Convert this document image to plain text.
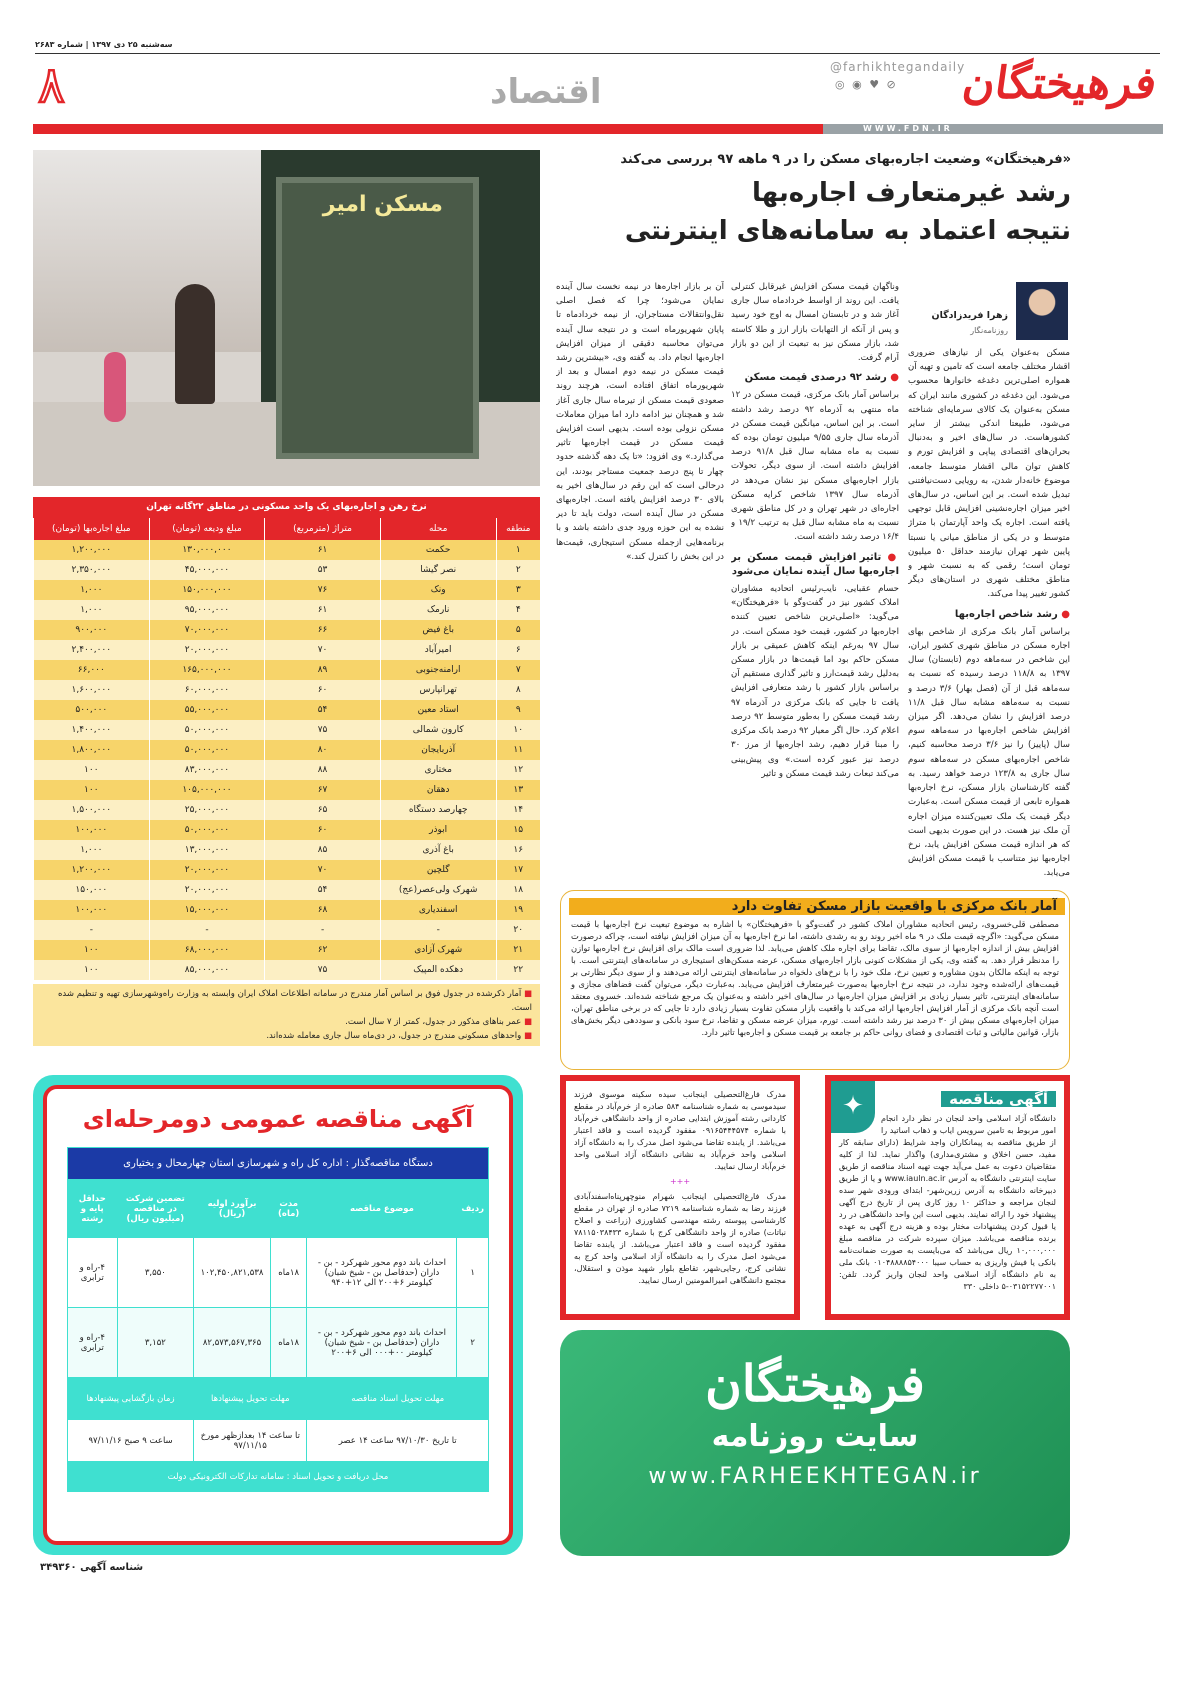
سه‌شنبه ۲۵ دی ۱۳۹۷ | شماره ۲۶۸۳
فرهیختگان
@farhikhtegandaily
◎ ◉ ♥ ⊘
اقتصاد
۸
WWW.FDN.IR
«فرهیختگان» وضعیت اجاره‌بهای مسکن را در ۹ ماهه ۹۷ بررسی می‌کند
رشد غیرمتعارف اجاره‌بها
نتیجه اعتماد به سامانه‌های اینترنتی
مسکن امیر
زهرا فریدزادگان
روزنامه‌نگار

مسکن به‌عنوان یکی از نیازهای ضروری اقشار مختلف جامعه است که تامین و تهیه آن همواره اصلی‌ترین دغدغه خانوارها محسوب می‌شود. این دغدغه در کشوری مانند ایران که مسکن به‌عنوان یک کالای سرمایه‌ای شناخته می‌شود، طبیعتا اندکی بیشتر از سایر کشورهاست. در سال‌های اخیر و به‌دنبال بحران‌های اقتصادی پیاپی و افزایش تورم و کاهش توان مالی اقشار متوسط جامعه، موضوع خانه‌دار شدن، به رویایی دست‌نیافتنی تبدیل شده است. بر این اساس، در سال‌های اخیر میزان اجاره‌نشینی افزایش قابل توجهی یافته است. اجاره یک واحد آپارتمان با متراژ متوسط و در یکی از مناطق میانی یا نسبتا پایین شهر تهران نیازمند حداقل ۵۰ میلیون تومان است؛ رقمی که به نسبت شهر و مناطق مختلف شهری در استان‌های دیگر کشور تغییر پیدا می‌کند.

● رشد شاخص اجاره‌بها

براساس آمار بانک مرکزی از شاخص بهای اجاره مسکن در مناطق شهری کشور ایران، این شاخص در سه‌ماهه دوم (تابستان) سال ۱۳۹۷ به ۱۱۸/۸ درصد رسیده که نسبت به سه‌ماهه قبل از آن (فصل بهار) ۳/۶ درصد و نسبت به سه‌ماهه مشابه سال قبل ۱۱/۸ درصد افزایش را نشان می‌دهد. اگر میزان افزایش شاخص اجاره‌بها در سه‌ماهه سوم سال (پاییز) را نیز ۳/۶ درصد محاسبه کنیم، شاخص اجاره‌بهای مسکن در سه‌ماهه سوم سال جاری به ۱۲۳/۸ درصد خواهد رسید. به گفته کارشناسان بازار مسکن، نرخ اجاره‌بها همواره تابعی از قیمت مسکن است. به‌عبارت دیگر قیمت یک ملک تعیین‌کننده میزان اجاره آن ملک نیز هست. در این صورت بدیهی است که هر اندازه قیمت مسکن افزایش یابد، نرخ اجاره‌بها نیز متناسب با قیمت مسکن افزایش می‌یابد.

وناگهان قیمت مسکن افزایش غیرقابل کنترلی یافت. این روند از اواسط خردادماه سال جاری آغاز شد و در تابستان امسال به اوج خود رسید و پس از آنکه از التهابات بازار ارز و طلا کاسته شد، بازار مسکن نیز به تبعیت از این دو بازار آرام گرفت.

● رشد ۹۲ درصدی قیمت مسکن

براساس آمار بانک مرکزی، قیمت مسکن در ۱۲ ماه منتهی به آذرماه ۹۲ درصد رشد داشته است. بر این اساس، میانگین قیمت مسکن در آذرماه سال جاری ۹/۵۵ میلیون تومان بوده که نسبت به ماه مشابه سال قبل ۹۱/۸ درصد افزایش داشته است. از سوی دیگر، تحولات بازار اجاره‌بهای مسکن نیز نشان می‌دهد در آذرماه سال ۱۳۹۷ شاخص کرایه مسکن اجاره‌ای در شهر تهران و در کل مناطق شهری نسبت به ماه مشابه سال قبل به ترتیب ۱۹/۲ و ۱۶/۴ درصد رشد داشته است.

● تاثیر افزایش قیمت مسکن بر اجاره‌بها سال آینده نمایان می‌شود

حسام عقبایی، نایب‌رئیس اتحادیه مشاوران املاک کشور نیز در گفت‌وگو با «فرهیختگان» می‌گوید: «اصلی‌ترین شاخص تعیین کننده اجاره‌بها در کشور، قیمت خود مسکن است. در سال ۹۷ به‌رغم اینکه کاهش عمیقی بر بازار مسکن حاکم بود اما قیمت‌ها در بازار مسکن به‌دلیل رشد قیمت‌ارز و تاثیر گذاری مستقیم آن براساس بازار کشور با رشد متعارفی افزایش یافت تا جایی که بانک مرکزی در آذرماه ۹۷ رشد قیمت مسکن را به‌طور متوسط ۹۲ درصد اعلام کرد. حال اگر معیار ۹۲ درصد بانک مرکزی را مبنا قرار دهیم، رشد اجاره‌بها از مرز ۳۰ درصد نیز عبور کرده است.» وی پیش‌بینی می‌کند تبعات رشد قیمت مسکن و تاثیر

آن بر بازار اجاره‌ها در نیمه نخست سال آینده نمایان می‌شود؛ چرا که فصل اصلی نقل‌وانتقالات مستاجران، از نیمه خردادماه تا پایان شهریورماه است و در نتیجه سال آینده می‌توان محاسبه دقیقی از میزان افزایش اجاره‌بها انجام داد. به گفته وی، «بیشترین رشد قیمت مسکن در نیمه دوم امسال و بعد از شهریورماه اتفاق افتاده است، هرچند روند صعودی قیمت مسکن از تیرماه سال جاری آغاز شد و همچنان نیز ادامه دارد اما میزان معاملات مسکن نزولی بوده است. بدیهی است افزایش قیمت مسکن در قیمت اجاره‌بها تاثیر می‌گذارد.» وی افزود: «تا یک دهه گذشته حدود چهار تا پنج درصد جمعیت مستاجر بودند، این درحالی است که این رقم در سال‌های اخیر به بالای ۳۰ درصد افزایش یافته است. اجاره‌بهای مسکن در سال آینده است، دولت باید تا دیر نشده به این حوزه ورود جدی داشته باشد و با برنامه‌هایی ازجمله مسکن استیجاری، قیمت‌ها در این بخش را کنترل کند.»

نرخ رهن و اجاره‌بهای یک واحد مسکونی در مناطق ۲۲گانه تهران
منطقه	محله	متراژ (مترمربع)	مبلغ ودیعه (تومان)	مبلغ اجاره‌بها (تومان)
۱	حکمت	۶۱	۱۳۰,۰۰۰,۰۰۰	۱,۲۰۰,۰۰۰
۲	نصر گیشا	۵۳	۴۵,۰۰۰,۰۰۰	۲,۳۵۰,۰۰۰
۳	ونک	۷۶	۱۵۰,۰۰۰,۰۰۰	۱,۰۰۰
۴	نارمک	۶۱	۹۵,۰۰۰,۰۰۰	۱,۰۰۰
۵	باغ فیض	۶۶	۷۰,۰۰۰,۰۰۰	۹۰۰,۰۰۰
۶	امیرآباد	۷۰	۲۰,۰۰۰,۰۰۰	۲,۴۰۰,۰۰۰
۷	ارامنه‌جنوبی	۸۹	۱۶۵,۰۰۰,۰۰۰	۶۶,۰۰۰
۸	تهرانپارس	۶۰	۶۰,۰۰۰,۰۰۰	۱,۶۰۰,۰۰۰
۹	استاد معین	۵۴	۵۵,۰۰۰,۰۰۰	۵۰۰,۰۰۰
۱۰	کارون شمالی	۷۵	۵۰,۰۰۰,۰۰۰	۱,۴۰۰,۰۰۰
۱۱	آذربایجان	۸۰	۵۰,۰۰۰,۰۰۰	۱,۸۰۰,۰۰۰
۱۲	مختاری	۸۸	۸۳,۰۰۰,۰۰۰	۱۰۰
۱۳	دهقان	۶۷	۱۰۵,۰۰۰,۰۰۰	۱۰۰
۱۴	چهارصد دستگاه	۶۵	۲۵,۰۰۰,۰۰۰	۱,۵۰۰,۰۰۰
۱۵	ابوذر	۶۰	۵۰,۰۰۰,۰۰۰	۱۰۰,۰۰۰
۱۶	باغ آذری	۸۵	۱۳,۰۰۰,۰۰۰	۱,۰۰۰
۱۷	گلچین	۷۰	۲۰,۰۰۰,۰۰۰	۱,۲۰۰,۰۰۰
۱۸	شهرک ولی‌عصر(عج)	۵۴	۲۰,۰۰۰,۰۰۰	۱۵۰,۰۰۰
۱۹	اسفندیاری	۶۸	۱۵,۰۰۰,۰۰۰	۱۰۰,۰۰۰
۲۰	-	-	-	-
۲۱	شهرک آزادی	۶۲	۶۸,۰۰۰,۰۰۰	۱۰۰
۲۲	دهکده المپیک	۷۵	۸۵,۰۰۰,۰۰۰	۱۰۰
■ آمار ذکرشده در جدول فوق بر اساس آمار مندرج در سامانه اطلاعات املاک ایران وابسته به وزارت راه‌وشهرسازی تهیه و تنظیم شده است.
■ عمر بناهای مذکور در جدول، کمتر از ۷ سال است.
■ واحدهای مسکونی مندرج در جدول، در دی‌ماه سال جاری معامله شده‌اند.
آمار بانک مرکزی با واقعیت بازار مسکن تفاوت دارد

مصطفی قلی‌خسروی، رئیس اتحادیه مشاوران املاک کشور در گفت‌وگو با «فرهیختگان» با اشاره به موضوع تبعیت نرخ اجاره‌بها با قیمت مسکن می‌گوید: «اگرچه قیمت ملک در ۹ ماه اخیر روند رو به رشدی داشته، اما نرخ اجاره‌بها به آن میزان افزایش نیافته است، چراکه درصورت افزایش بیش از اندازه اجاره‌بها از سوی مالک، تقاضا برای اجاره ملک کاهش می‌یابد. لذا ضروری است مالک برای افزایش نرخ اجاره‌بها توازن را مدنظر قرار دهد. به گفته وی، یکی از مشکلات کنونی بازار اجاره‌بهای مسکن، عرضه مسکن‌های استیجاری در سامانه‌های اینترنتی است. با توجه به اینکه مالکان بدون مشاوره و تعیین نرخ، ملک خود را با نرخ‌های دلخواه در سامانه‌های اینترنتی ارائه می‌دهند و از سوی دیگر نظارتی بر قیمت‌های ارائه‌شده وجود ندارد، در نتیجه نرخ اجاره‌بها به‌صورت غیرمتعارف افزایش می‌یابد. به‌عبارت دیگر، می‌توان گفت فضاهای مجازی و سامانه‌های اینترنتی، تاثیر بسیار زیادی بر افزایش میزان اجاره‌بها در سال‌های اخیر داشته و به‌عنوان یک مرجع شناخته شده‌اند. خسروی معتقد است آنچه بانک مرکزی از آمار افزایش اجاره‌بها ارائه می‌کند با واقعیت بازار مسکن تفاوت بسیار زیادی دارد تا جایی که در برخی مناطق تهران، میزان اجاره‌بهای مسکن بیش از ۳۰ درصد نیز رشد داشته است. تورم، میزان عرضه مسکن و تقاضا، نرخ سود بانکی و سوددهی دیگر بخش‌های بازار، قوانین مالیاتی و ثبات اقتصادی و فضای روانی حاکم بر جامعه بر قیمت مسکن و اجاره‌بها تاثیر دارد.

آگهی مناقصه عمومی دومرحله‌ای
دستگاه مناقصه‌گذار : اداره کل راه و شهرسازی استان چهارمحال و بختیاری					
ردیف	موضوع مناقصه	مدت (ماه)	برآورد اولیه (ریال)	تضمین شرکت در مناقصه (میلیون ریال)	حداقل پایه و رشته
۱	احداث باند دوم محور شهرکرد - بن - داران (حدفاصل بن - شیخ شبان) کیلومتر ۶+۲۰۰ الی ۱۲+۹۴۰	۱۸ماه	۱۰۲,۴۵۰,۸۲۱,۵۳۸	۳,۵۵۰	۴-راه و ترابری
۲	احداث باند دوم محور شهرکرد - بن - داران (حدفاصل بن - شیخ شبان) کیلومتر ۰۰+۰۰۰ الی ۶+۲۰۰	۱۸ماه	۸۲,۵۷۳,۵۶۷,۳۶۵	۳,۱۵۲	۴-راه و ترابری
مهلت تحویل اسناد مناقصه		مهلت تحویل پیشنهادها		زمان بازگشایی پیشنهادها	
تا تاریخ ۹۷/۱۰/۳۰ ساعت ۱۴ عصر		تا ساعت ۱۴ بعدازظهر مورخ ۹۷/۱۱/۱۵		ساعت ۹ صبح ۹۷/۱۱/۱۶	
محل دریافت و تحویل اسناد : سامانه تدارکات الکترونیکی دولت					
شناسه آگهی ۳۴۹۳۶۰

مدرک فارغ‌التحصیلی اینجانب سیده سکینه موسوی فرزند سیدموسی به شماره شناسنامه ۵۸۴ صادره از خرم‌آباد در مقطع کاردانی رشته آموزش ابتدایی صادره از واحد دانشگاهی خرم‌آباد با شماره ۰۹۱۶۵۴۴۴۵۷۴ مفقود گردیده است و فاقد اعتبار می‌باشد. از یابنده تقاضا می‌شود اصل مدرک را به دانشگاه آزاد اسلامی واحد خرم‌آباد به نشانی دانشگاه آزاد اسلامی واحد خرم‌آباد ارسال نمایید.

+++

مدرک فارغ‌التحصیلی اینجانب شهرام منوچهرپناه‌اسفندآبادی فرزند رضا به شماره شناسنامه ۷۲۱۹ صادره از تهران در مقطع کارشناسی پیوسته رشته مهندسی کشاورزی (زراعت و اصلاح نباتات) صادره از واحد دانشگاهی کرج با شماره ۷۸۱۱۵۰۳۸۴۳۳ مفقود گردیده است و فاقد اعتبار می‌باشد. از یابنده تقاضا می‌شود اصل مدرک را به دانشگاه آزاد اسلامی واحد کرج به نشانی کرج، رجایی‌شهر، تقاطع بلوار شهید موذن و استقلال، مجتمع دانشگاهی امیرالمومنین ارسال نمایید.

✦	آگهی مناقصه

دانشگاه آزاد اسلامی واحد لنجان در نظر دارد انجام امور مربوط به تامین سرویس ایاب و ذهاب اساتید را از طریق مناقصه به پیمانکاران واجد شرایط (دارای سابقه کار مفید، حسن اخلاق و مشتری‌مداری) واگذار نماید. لذا از کلیه متقاضیان دعوت به عمل می‌آید جهت تهیه اسناد مناقصه از طریق سایت اینترنتی دانشگاه به آدرس www.iauln.ac.ir و یا از طریق دبیرخانه دانشگاه به آدرس زرین‌شهر- ابتدای ورودی شهر سده لنجان مراجعه و حداکثر ۱۰ روز کاری پس از تاریخ درج آگهی پیشنهاد خود را ارائه نمایند. بدیهی است این واحد دانشگاهی در رد یا قبول کردن پیشنهادات مختار بوده و هزینه درج آگهی به عهده برنده مناقصه می‌باشد. میزان سپرده شرکت در مناقصه مبلغ ۱۰,۰۰۰,۰۰۰ ریال می‌باشد که می‌بایست به صورت ضمانت‌نامه بانکی یا فیش واریزی به حساب سیبا ۰۱۰۴۸۸۸۸۵۴۰۰۰ بانک ملی به نام دانشگاه آزاد اسلامی واحد لنجان واریز گردد. تلفن: ۰۳۱۵۲۲۷۷۰۰۱-۵ داخلی ۳۳۰

فرهیختگان
سایت روزنامه
www.FARHEEKHTEGAN.ir
